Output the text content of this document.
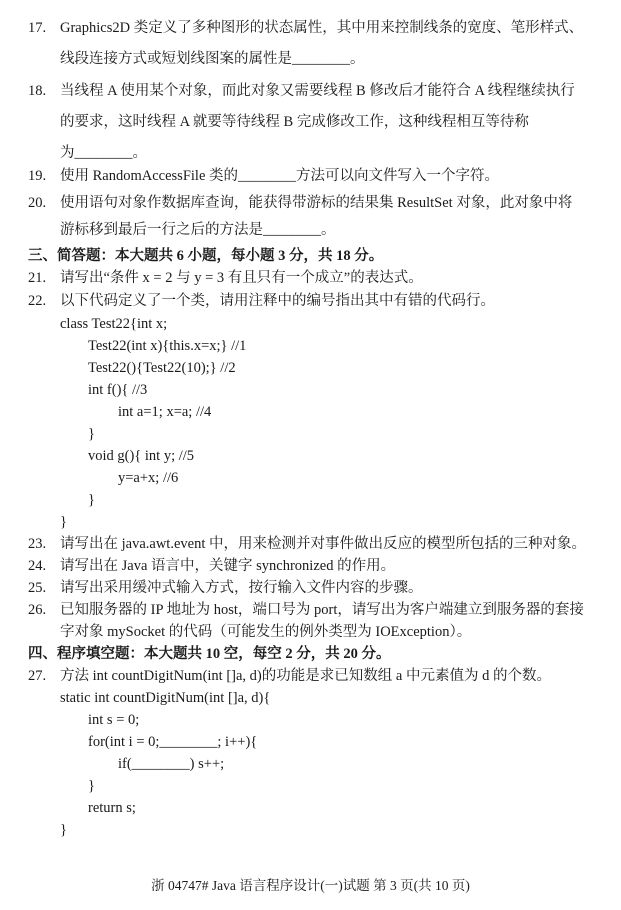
17. Graphics2D 类定义了多种图形的状态属性，其中用来控制线条的宽度、笔形样式、
线段连接方式或短划线图案的属性是________。
18. 当线程 A 使用某个对象，而此对象又需要线程 B 修改后才能符合 A 线程继续执行
的要求，这时线程 A 就要等待线程 B 完成修改工作，这种线程相互等待称
为________。
19. 使用 RandomAccessFile 类的________方法可以向文件写入一个字符。
20. 使用语句对象作数据库查询，能获得带游标的结果集 ResultSet 对象，此对象中将
游标移到最后一行之后的方法是________。
三、简答题：本大题共 6 小题，每小题 3 分，共 18 分。
21. 请写出“条件 x = 2 与 y = 3 有且只有一个成立”的表达式。
22. 以下代码定义了一个类，请用注释中的编号指出其中有错的代码行。
class Test22{int x;
Test22(int x){this.x=x;} //1
Test22(){Test22(10);} //2
int f(){ //3
int a=1; x=a; //4
}
void g(){ int y; //5
y=a+x; //6
}
}
23. 请写出在 java.awt.event 中，用来检测并对事件做出反应的模型所包括的三种对象。
24. 请写出在 Java 语言中，关键字 synchronized 的作用。
25. 请写出采用缓冲式输入方式，按行输入文件内容的步骤。
26. 已知服务器的 IP 地址为 host，端口号为 port，请写出为客户端建立到服务器的套接
字对象 mySocket 的代码（可能发生的例外类型为 IOException）。
四、程序填空题：本大题共 10 空，每空 2 分，共 20 分。
27. 方法 int countDigitNum(int []a, d)的功能是求已知数组 a 中元素值为 d 的个数。
static int countDigitNum(int []a, d){
int s = 0;
for(int i = 0;________; i++){
if(________) s++;
}
return s;
}
浙 04747# Java 语言程序设计(一)试题 第 3 页(共 10 页)
